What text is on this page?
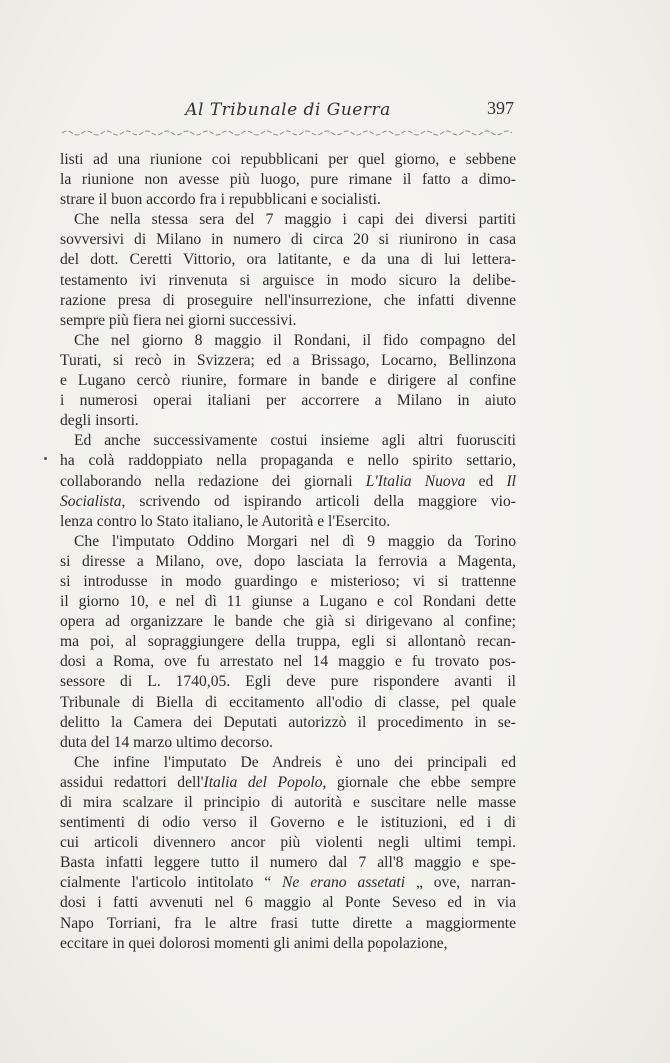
Al Tribunale di Guerra	397
listi ad una riunione coi repubblicani per quel giorno, e sebbene
la riunione non avesse più luogo, pure rimane il fatto a dimo-
strare il buon accordo fra i repubblicani e socialisti.
Che nella stessa sera del 7 maggio i capi dei diversi partiti
sovversivi di Milano in numero di circa 20 si riunirono in casa
del dott. Ceretti Vittorio, ora latitante, e da una di lui lettera-
testamento ivi rinvenuta si arguisce in modo sicuro la delibe-
razione presa di proseguire nell'insurrezione, che infatti divenne
sempre più fiera nei giorni successivi.
Che nel giorno 8 maggio il Rondani, il fido compagno del
Turati, si recò in Svizzera; ed a Brissago, Locarno, Bellinzona
e Lugano cercò riunire, formare in bande e dirigere al confine
i numerosi operai italiani per accorrere a Milano in aiuto
degli insorti.
Ed anche successivamente costui insieme agli altri fuorusciti
ha colà raddoppiato nella propaganda e nello spirito settario,
collaborando nella redazione dei giornali L'Italia Nuova ed Il
Socialista, scrivendo od ispirando articoli della maggiore vio-
lenza contro lo Stato italiano, le Autorità e l'Esercito.
Che l'imputato Oddino Morgari nel dì 9 maggio da Torino
si diresse a Milano, ove, dopo lasciata la ferrovia a Magenta,
si introdusse in modo guardingo e misterioso; vi si trattenne
il giorno 10, e nel dì 11 giunse a Lugano e col Rondani dette
opera ad organizzare le bande che già si dirigevano al confine;
ma poi, al sopraggiungere della truppa, egli si allontanò recan-
dosi a Roma, ove fu arrestato nel 14 maggio e fu trovato pos-
sessore di L. 1740,05. Egli deve pure rispondere avanti il
Tribunale di Biella di eccitamento all'odio di classe, pel quale
delitto la Camera dei Deputati autorizzò il procedimento in se-
duta del 14 marzo ultimo decorso.
Che infine l'imputato De Andreis è uno dei principali ed
assidui redattori dell'Italia del Popolo, giornale che ebbe sempre
di mira scalzare il principio di autorità e suscitare nelle masse
sentimenti di odio verso il Governo e le istituzioni, ed i di
cui articoli divennero ancor più violenti negli ultimi tempi.
Basta infatti leggere tutto il numero dal 7 all'8 maggio e spe-
cialmente l'articolo intitolato “ Ne erano assetati „ ove, narran-
dosi i fatti avvenuti nel 6 maggio al Ponte Seveso ed in via
Napo Torriani, fra le altre frasi tutte dirette a maggiormente
eccitare in quei dolorosi momenti gli animi della popolazione,
